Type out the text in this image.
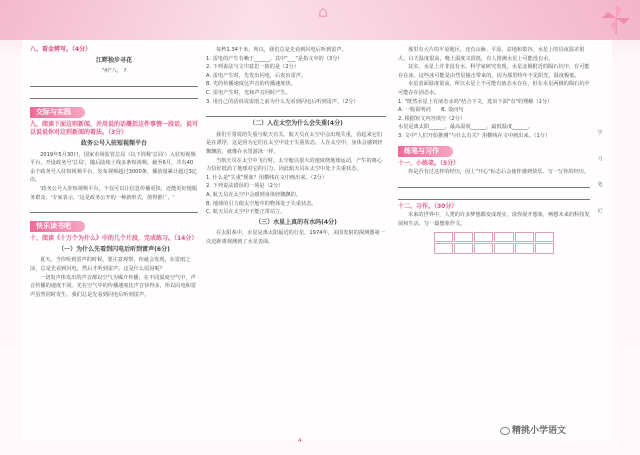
⌂
八、看金辨写。（4分）
江畔独步寻花
"州"八、 ?
交际与实践
九、阅读下面这则新闻，并用说的话概括这件事情一段话，说可以说说你对这则新闻的看法。（3分）
政务公号入驻短视频平台
2019年5月30日，国家市场监管总局（以下简称'总局'）入驻短视频平台，开设政务号'总局'，随后陆续上线多条短视频。截至6月，共有40余个政务号入驻短视频平台，发布视频超过3000条，播放量累计超过3亿次。
'政务公号入驻短视频平台，不仅可以让信息传播更快，还能更好地服务群众，'专家表示，'这是政务公开的一种新形式，值得推广。'
快乐读书吧
十、阅读《十万个为什么》中的几个片段，完成练习。（14分）
（一）为什么先看到闪电后听到雷声(6分)
夏天，当你听到雷声的时候，要注意观察，你就会发现，在雷雨之前，总是先看到闪电，然后才听到雷声。这是什么原因呢？
一切发声体发出的声音都以空气为媒介传播，在不同温度空气中，声音传播的速度不同。光在空气中的传播速度比声音快得多，所以闪电和雷声虽然同时发生，我们总是先看到闪电后听到雷声。
每秒1.34千米，所以，我们总是先看到闪电后听到雷声。
1. 雷电的产生有赖于______。其中"___"是指文中的（3分）
2. 下列说法与文中意思一致的是（2分）
A. 雷电产生时，先发出闪电，后发出雷声。
B. 光的传播速度比声音的传播速度快。
C. 雷电产生时，光和声音同时产生。
3. 用自己的话说说雷雨之前为什么先看到闪电后听到雷声。（2分）
（二）人在太空为什么会失重(4分)
我们平常说的失重与航天有关。航天员在太空中会出现失重，看起来它们是在漂浮，这是因为它们在太空中处于失重状态。人在太空中，身体会感到轻飘飘的，就像在水里游泳一样。
当航天员在太空中飞行时，太空舱以很大的速度绕地球运动，产生的离心力恰好抵消了地球对它的引力，因此航天员在太空中处于失重状态。
1. 什么是"失重"现象？用横线在文中画出来。（2分）
2. 下列说法错误的一项是（2分）
A. 航天员在太空中会感到身体轻飘飘的。
B. 地球的引力使太空舱中的物体处于失重状态。
C. 航天员在太空中不能正常站立。
（三）水星上真的有水吗(4分)
在太阳系中，水星是离太阳最近的行星，1974年，美国发射的探测器第一次近距离观测到了水星表面。
那里有大片的平原地区，还有山脉、平原、盆地和裂谷。水星上的昼夜温差很大，白天温度很高，晚上温度又很低，有人推测水星上可能没有水。
其实，水星上并非没有水。科学家研究发现，水星北极附近的陨石坑中，有可能存在冰。这些冰可能是由彗星撞击带来的，因为那里终年不见阳光，温度极低。
水星表面温度很高，所以水星上不可能有液态水存在，但在水星两极的陨石坑中可能存在固态水。
1. "既然水星上有液态水吗"结合下文，选出下面"有"的理解（1分）
A. 一般说明词　　 B. 设问句
2. 根据短文内容填空（2分）
水星是离太阳______，最高温度______，最低温度______。
3. 文中"人们开始推测"与什么有关？用横线在文中画出来。（1分）
练笔与习作
十一、小练笔。（5分）
你是否有过这样的经历，因上"开心"标志后会使你感到快乐。写一写你的经历。
十二、习作。（30分）
未来的世界中，人类的许多梦想都变成现实。请你展开想象，畅想未来的科技发展和生活，写一篇想象作文。
学
习
笔
记
4
精挑小学语文
